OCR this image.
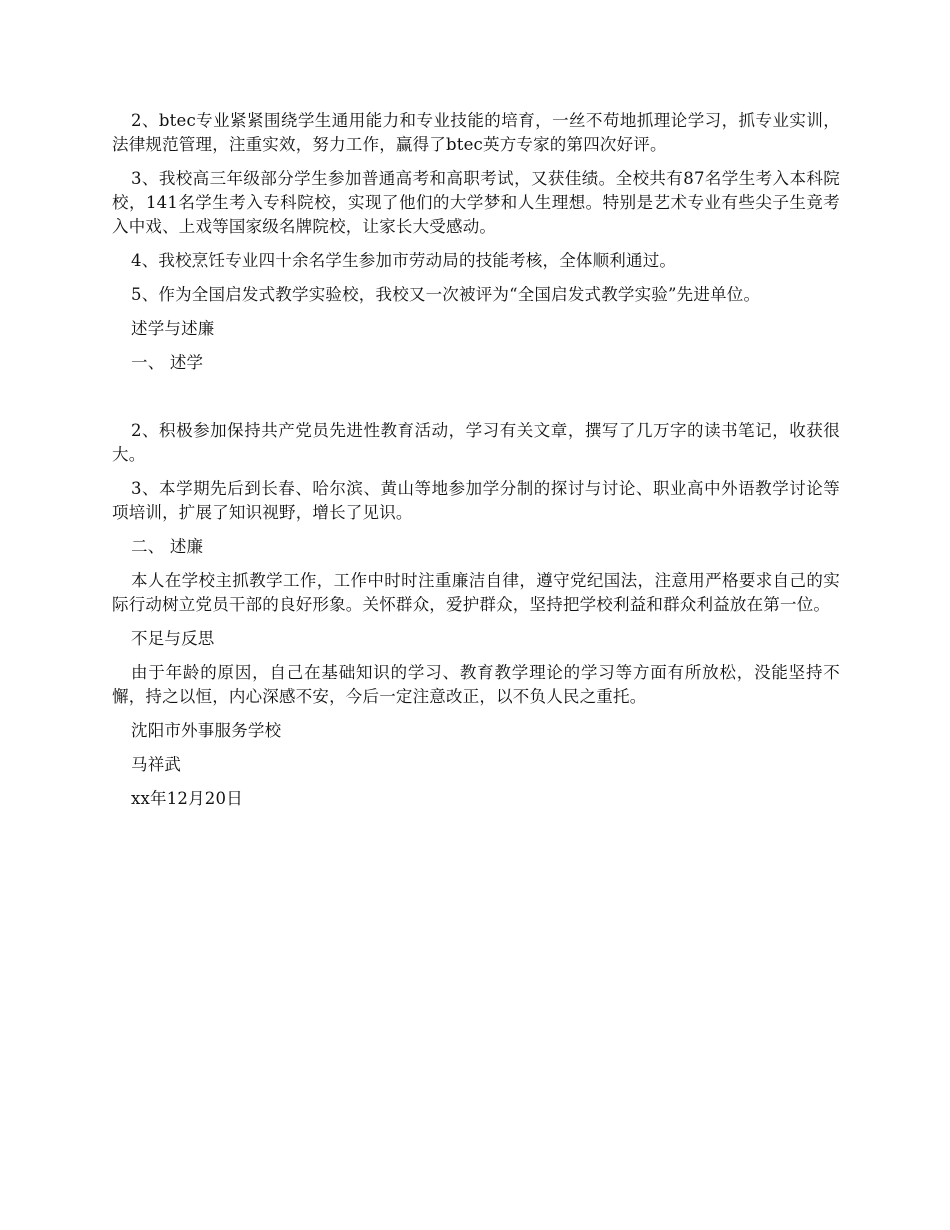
2、btec专业紧紧围绕学生通用能力和专业技能的培育，一丝不苟地抓理论学习，抓专业实训，法律规范管理，注重实效，努力工作，赢得了btec英方专家的第四次好评。

3、我校高三年级部分学生参加普通高考和高职考试，又获佳绩。全校共有87名学生考入本科院校，141名学生考入专科院校，实现了他们的大学梦和人生理想。特别是艺术专业有些尖子生竟考入中戏、上戏等国家级名牌院校，让家长大受感动。

4、我校烹饪专业四十余名学生参加市劳动局的技能考核，全体顺利通过。

5、作为全国启发式教学实验校，我校又一次被评为“全国启发式教学实验”先进单位。

述学与述廉

一、 述学

2、积极参加保持共产党员先进性教育活动，学习有关文章，撰写了几万字的读书笔记，收获很大。

3、本学期先后到长春、哈尔滨、黄山等地参加学分制的探讨与讨论、职业高中外语教学讨论等项培训，扩展了知识视野，增长了见识。

二、 述廉

本人在学校主抓教学工作，工作中时时注重廉洁自律，遵守党纪国法，注意用严格要求自己的实际行动树立党员干部的良好形象。关怀群众，爱护群众，坚持把学校利益和群众利益放在第一位。

不足与反思

由于年龄的原因，自己在基础知识的学习、教育教学理论的学习等方面有所放松，没能坚持不懈，持之以恒，内心深感不安，今后一定注意改正，以不负人民之重托。

沈阳市外事服务学校

马祥武

xx年12月20日
